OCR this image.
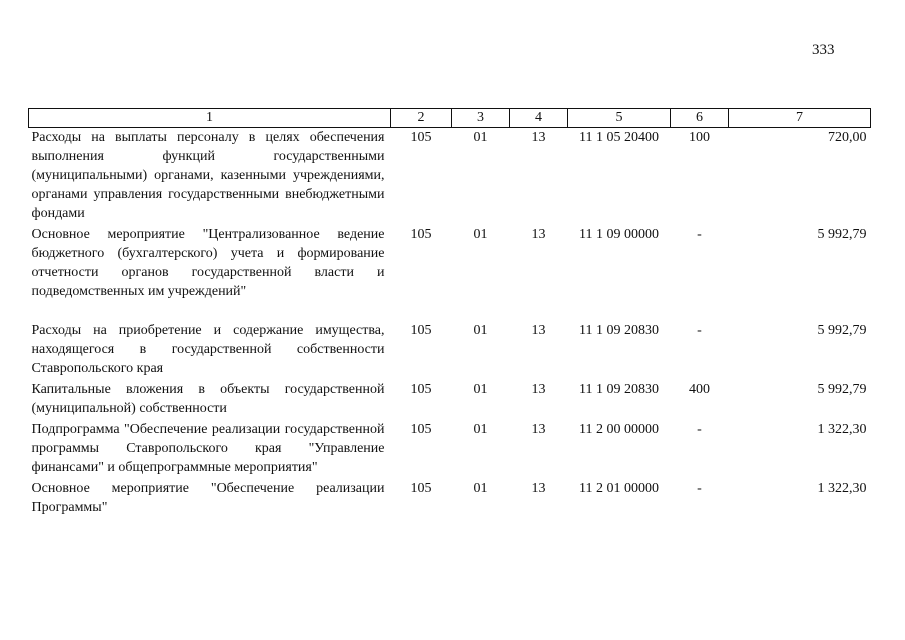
333
1	2	3	4	5	6	7
Расходы на выплаты персоналу в целях обеспечения выполнения функций государственными (муниципальными) органами, казенными учреждениями, органами управления государственными внебюджетными фондами	105	01	13	11 1 05 20400	100	720,00
Основное мероприятие "Централизованное ведение бюджетного (бухгалтерского) учета и формирование отчетности органов государственной власти и подведомственных им учреждений"	105	01	13	11 1 09 00000	-	5 992,79
Расходы на приобретение и содержание имущества, находящегося в государственной собственности Ставропольского края	105	01	13	11 1 09 20830	-	5 992,79
Капитальные вложения в объекты государственной (муниципальной) собственности	105	01	13	11 1 09 20830	400	5 992,79
Подпрограмма "Обеспечение реализации государственной программы Ставропольского края "Управление финансами" и общепрограммные мероприятия"	105	01	13	11 2 00 00000	-	1 322,30
Основное мероприятие "Обеспечение реализации Программы"	105	01	13	11 2 01 00000	-	1 322,30
